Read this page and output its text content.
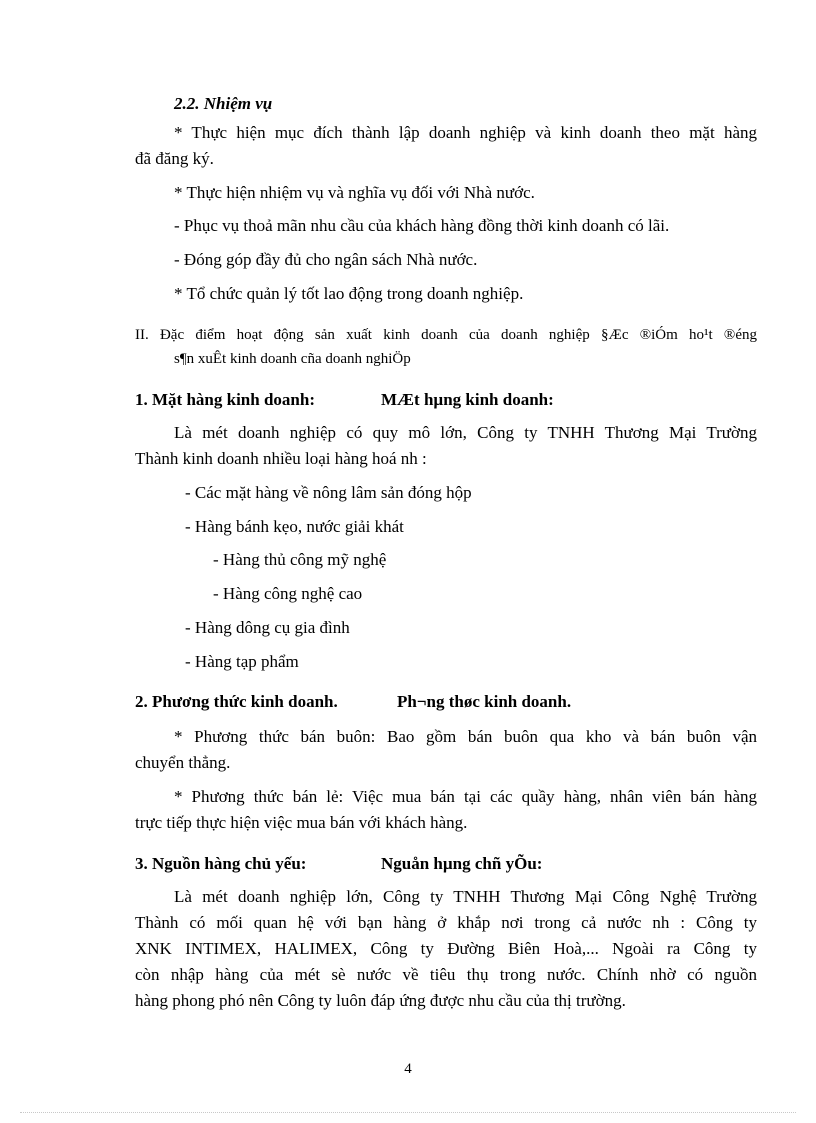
2.2. Nhiệm vụ
* Thực hiện mục đích thành lập doanh nghiệp và kinh doanh theo mặt hàng
đã đăng ký.
* Thực hiện nhiệm vụ và nghĩa vụ đối với Nhà nước.
- Phục vụ thoả mãn nhu cầu của khách hàng đồng thời kinh doanh có lãi.
- Đóng góp đầy đủ cho ngân sách Nhà nước.
* Tổ chức quản lý tốt lao động trong doanh nghiệp.
II. Đặc điểm hoạt động sản xuất kinh doanh của doanh nghiệp §Æc ®iÓm ho¹t ®éng
s¶n xuÊt kinh doanh cña doanh nghiÖp
1. Mặt hàng kinh doanh:	MÆt hµng kinh doanh:
Là mét doanh nghiệp có quy mô lớn, Công ty TNHH Thương Mại Trường
Thành kinh doanh nhiều loại hàng hoá nh :
- Các mặt hàng về nông lâm sản đóng hộp
- Hàng bánh kẹo, nước giải khát
- Hàng thủ công mỹ nghệ
- Hàng công nghệ cao
- Hàng dông cụ gia đình
- Hàng tạp phẩm
2. Phương thức kinh doanh.	Ph¬ng thøc kinh doanh.
* Phương thức bán buôn: Bao gồm bán buôn qua kho và bán buôn vận
chuyển thẳng.
* Phương thức bán lẻ: Việc mua bán tại các quầy hàng, nhân viên bán hàng
trực tiếp thực hiện việc mua bán với khách hàng.
3. Nguồn hàng chủ yếu:	Nguån hµng chñ yÕu:
Là mét doanh nghiệp lớn, Công ty TNHH Thương Mại Công Nghệ Trường
Thành có mối quan hệ với bạn hàng ở khắp nơi trong cả nước nh : Công ty
XNK INTIMEX, HALIMEX, Công ty Đường Biên Hoà,... Ngoài ra Công ty
còn nhập hàng của mét sè nước về tiêu thụ trong nước. Chính nhờ có nguồn
hàng phong phó nên Công ty luôn đáp ứng được nhu cầu của thị trường.
4
